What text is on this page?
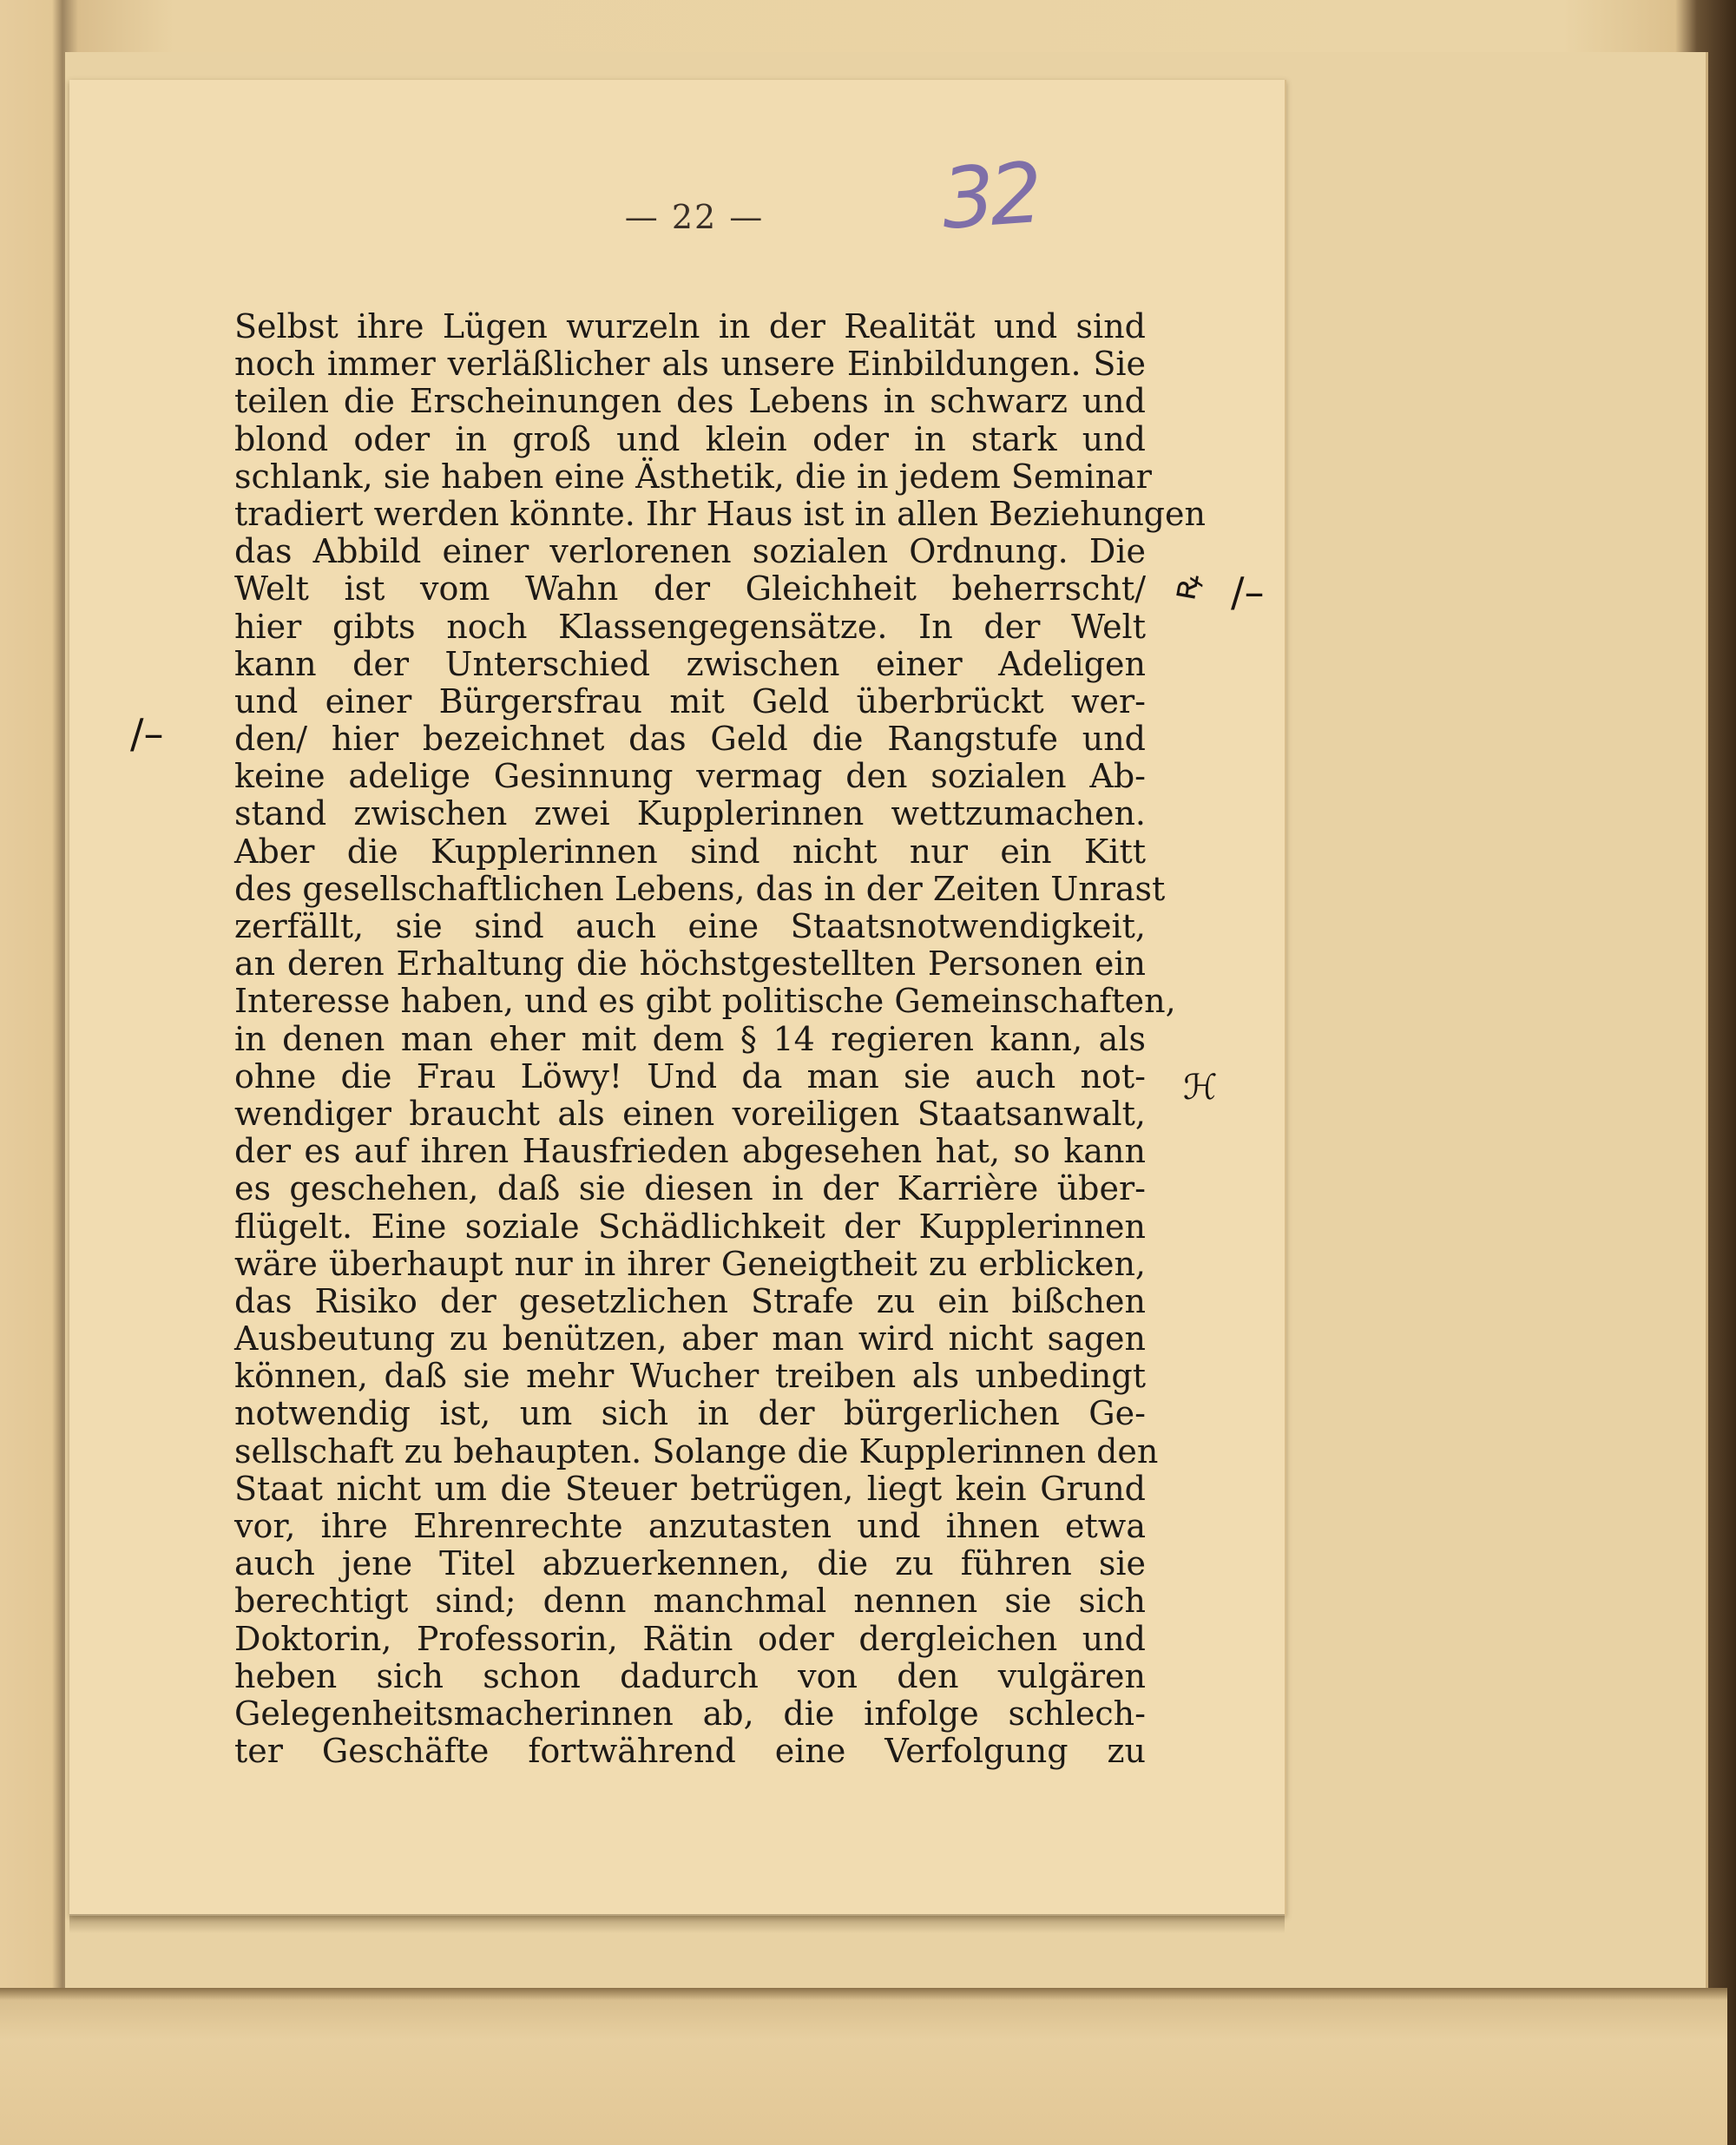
— 22 — 32
Selbst ihre Lügen wurzeln in der Realität und sind
noch immer verläßlicher als unsere Einbildungen. Sie
teilen die Erscheinungen des Lebens in schwarz und
blond oder in groß und klein oder in stark und
schlank, sie haben eine Ästhetik, die in jedem Seminar
tradiert werden könnte. Ihr Haus ist in allen Beziehungen
das Abbild einer verlorenen sozialen Ordnung. Die
Welt ist vom Wahn der Gleichheit beherrscht/
hier gibts noch Klassengegensätze. In der Welt
kann der Unterschied zwischen einer Adeligen
und einer Bürgersfrau mit Geld überbrückt wer-
den/ hier bezeichnet das Geld die Rangstufe und
keine adelige Gesinnung vermag den sozialen Ab-
stand zwischen zwei Kupplerinnen wettzumachen.
Aber die Kupplerinnen sind nicht nur ein Kitt
des gesellschaftlichen Lebens, das in der Zeiten Unrast
zerfällt, sie sind auch eine Staatsnotwendigkeit,
an deren Erhaltung die höchstgestellten Personen ein
Interesse haben, und es gibt politische Gemeinschaften,
in denen man eher mit dem § 14 regieren kann, als
ohne die Frau Löwy! Und da man sie auch not-
wendiger braucht als einen voreiligen Staatsanwalt,
der es auf ihren Hausfrieden abgesehen hat, so kann
es geschehen, daß sie diesen in der Karrière über-
flügelt. Eine soziale Schädlichkeit der Kupplerinnen
wäre überhaupt nur in ihrer Geneigtheit zu erblicken,
das Risiko der gesetzlichen Strafe zu ein bißchen
Ausbeutung zu benützen, aber man wird nicht sagen
können, daß sie mehr Wucher treiben als unbedingt
notwendig ist, um sich in der bürgerlichen Ge-
sellschaft zu behaupten. Solange die Kupplerinnen den
Staat nicht um die Steuer betrügen, liegt kein Grund
vor, ihre Ehrenrechte anzutasten und ihnen etwa
auch jene Titel abzuerkennen, die zu führen sie
berechtigt sind; denn manchmal nennen sie sich
Doktorin, Professorin, Rätin oder dergleichen und
heben sich schon dadurch von den vulgären
Gelegenheitsmacherinnen ab, die infolge schlech-
ter Geschäfte fortwährend eine Verfolgung zu
/–
ꝶ /–
ℋ
